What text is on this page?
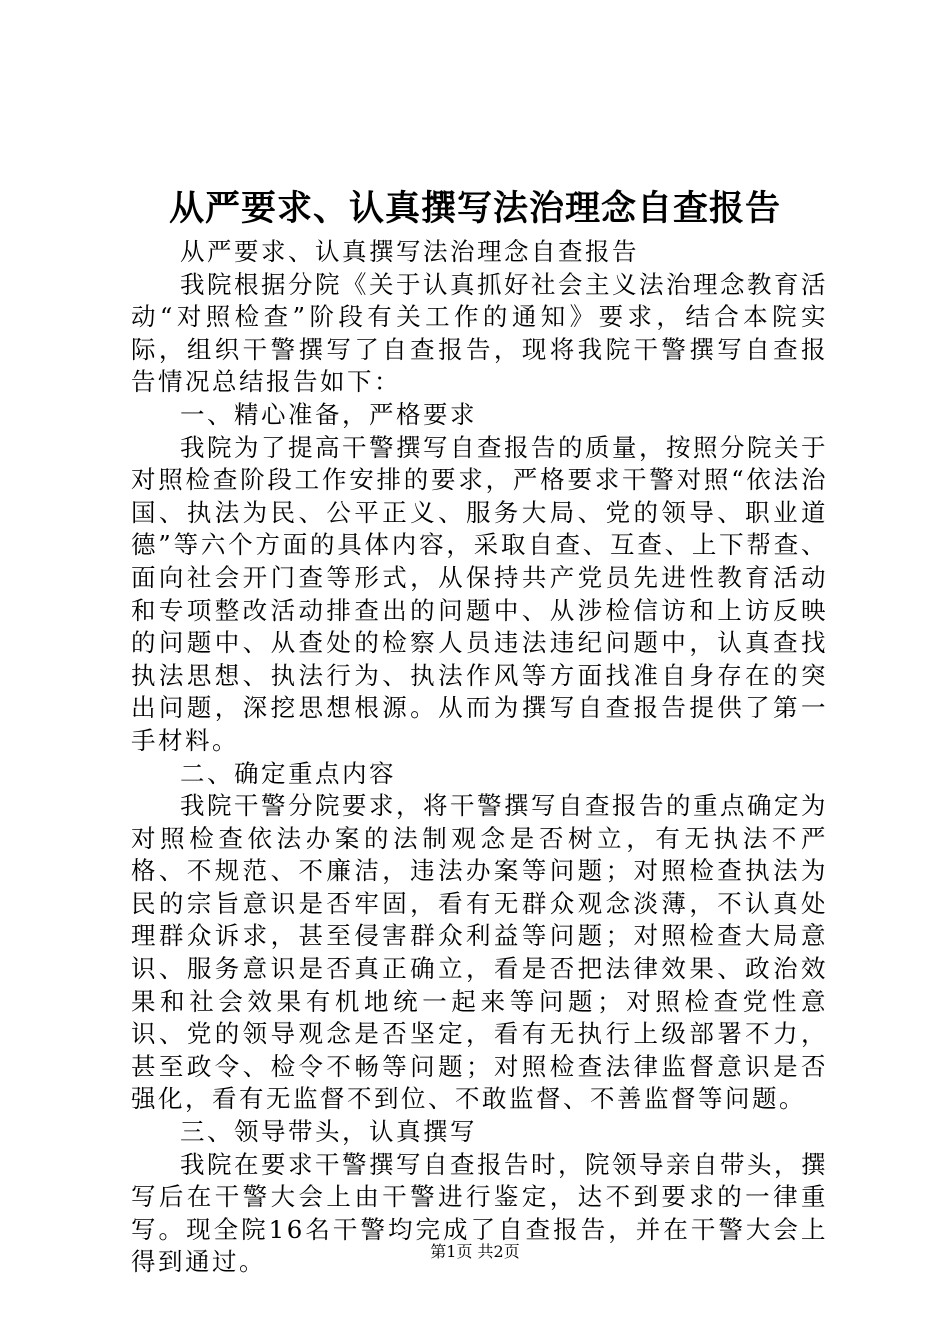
从严要求、认真撰写法治理念自查报告

从严要求、认真撰写法治理念自查报告

我院根据分院《关于认真抓好社会主义法治理念教育活动“对照检查”阶段有关工作的通知》要求，结合本院实际，组织干警撰写了自查报告，现将我院干警撰写自查报告情况总结报告如下：

一、精心准备，严格要求

我院为了提高干警撰写自查报告的质量，按照分院关于对照检查阶段工作安排的要求，严格要求干警对照“依法治国、执法为民、公平正义、服务大局、党的领导、职业道德”等六个方面的具体内容，采取自查、互查、上下帮查、面向社会开门查等形式，从保持共产党员先进性教育活动和专项整改活动排查出的问题中、从涉检信访和上访反映的问题中、从查处的检察人员违法违纪问题中，认真查找执法思想、执法行为、执法作风等方面找准自身存在的突出问题，深挖思想根源。从而为撰写自查报告提供了第一手材料。

二、确定重点内容

我院干警分院要求，将干警撰写自查报告的重点确定为对照检查依法办案的法制观念是否树立，有无执法不严格、不规范、不廉洁，违法办案等问题；对照检查执法为民的宗旨意识是否牢固，看有无群众观念淡薄，不认真处理群众诉求，甚至侵害群众利益等问题；对照检查大局意识、服务意识是否真正确立，看是否把法律效果、政治效果和社会效果有机地统一起来等问题；对照检查党性意识、党的领导观念是否坚定，看有无执行上级部署不力，甚至政令、检令不畅等问题；对照检查法律监督意识是否强化，看有无监督不到位、不敢监督、不善监督等问题。

三、领导带头，认真撰写

我院在要求干警撰写自查报告时，院领导亲自带头，撰写后在干警大会上由干警进行鉴定，达不到要求的一律重写。现全院16名干警均完成了自查报告，并在干警大会上得到通过。	第1页 共2页
